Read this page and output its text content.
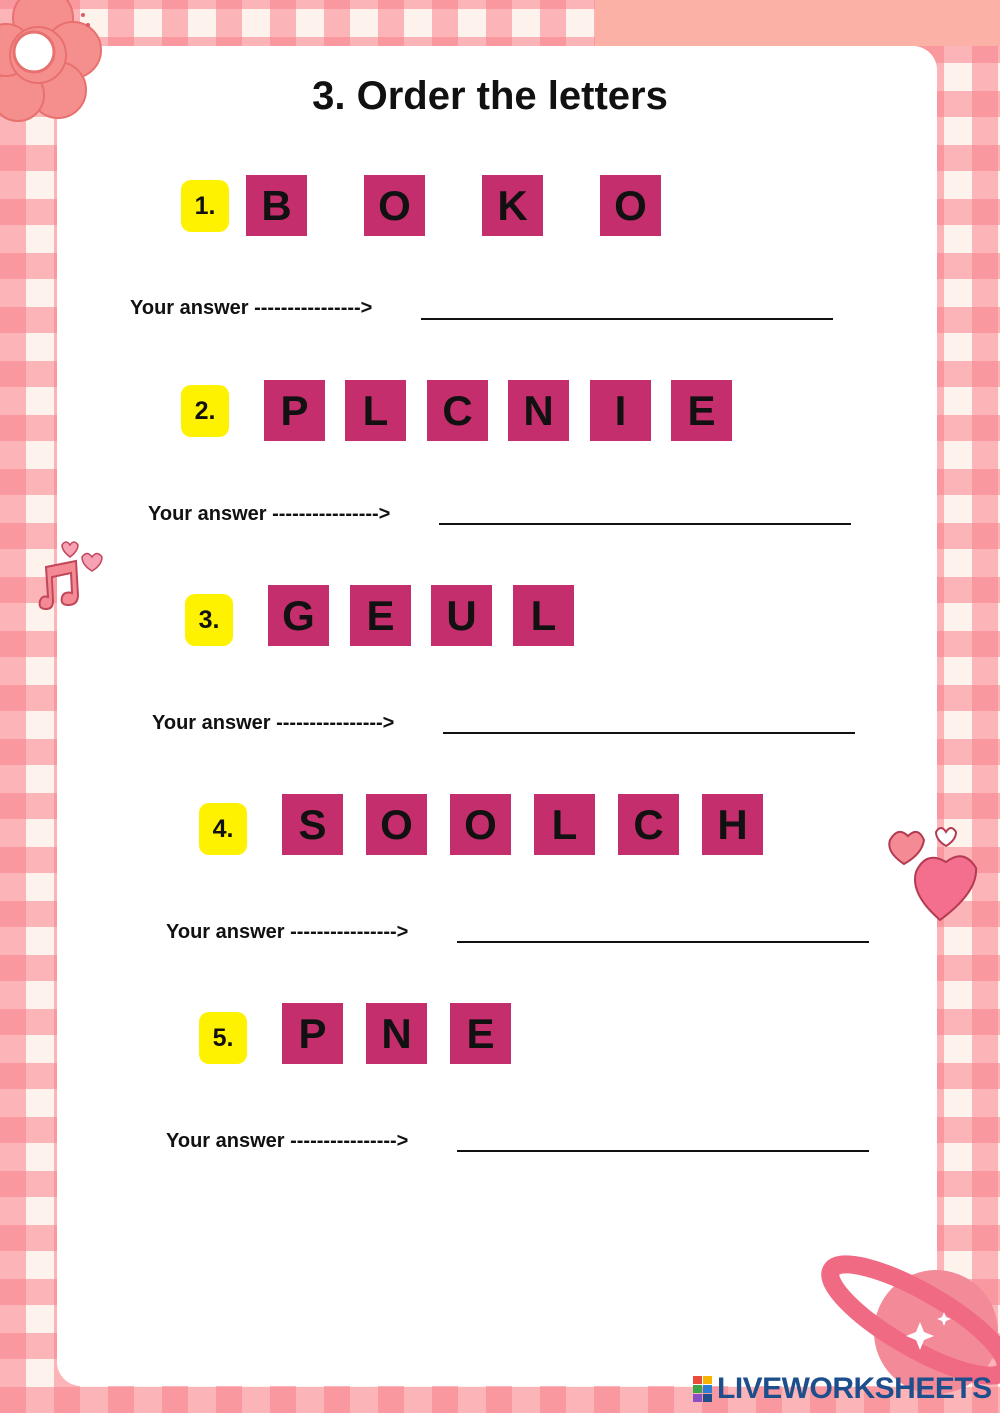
3. Order the letters
1.	B	O	K	O
Your answer ---------------->
2.	P	L	C	N	I	E
Your answer ---------------->
3.	G	E	U	L
Your answer ---------------->
4.	S	O	O	L	C	H
Your answer ---------------->
5.	P	N	E
Your answer ---------------->
LIVEWORKSHEETS
